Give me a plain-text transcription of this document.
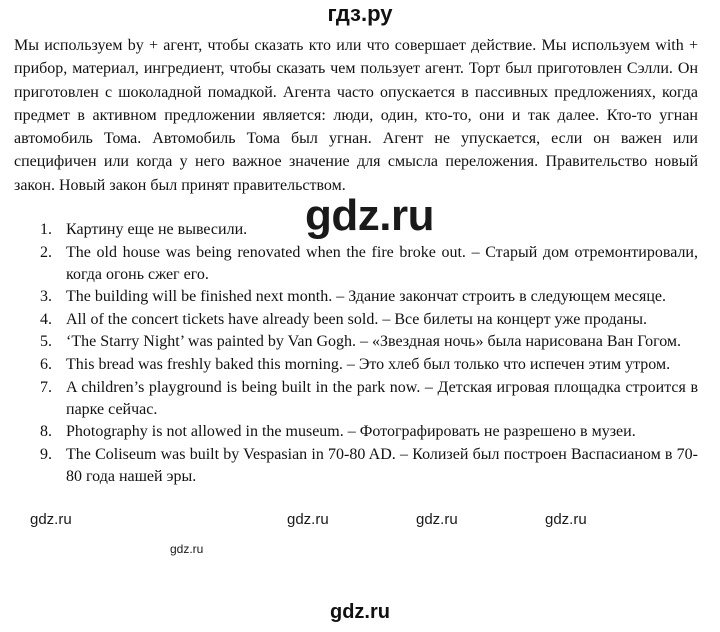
гдз.ру

Мы используем by + агент, чтобы сказать кто или что совершает действие. Мы используем with + прибор, материал, ингредиент, чтобы сказать чем пользует агент. Торт был приготовлен Сэлли. Он приготовлен с шоколадной помадкой. Агента часто опускается в пассивных предложениях, когда предмет в активном предложении является: люди, один, кто-то, они и так далее. Кто-то угнан автомобиль Тома. Автомобиль Тома был угнан. Агент не упускается, если он важен или специфичен или когда у него важное значение для смысла переложения. Правительство новый закон. Новый закон был принят правительством.

1. Картину еще не вывесили.
2. The old house was being renovated when the fire broke out. – Старый дом отремонтировали, когда огонь сжег его.
3. The building will be finished next month. – Здание закончат строить в следующем месяце.
4. All of the concert tickets have already been sold. – Все билеты на концерт уже проданы.
5. ‘The Starry Night’ was painted by Van Gogh. – «Звездная ночь» была нарисована Ван Гогом.
6. This bread was freshly baked this morning. – Это хлеб был только что испечен этим утром.
7. A children’s playground is being built in the park now. – Детская игровая площадка строится в парке сейчас.
8. Photography is not allowed in the museum. – Фотографировать не разрешено в музеи.
9. The Coliseum was built by Vespasian in 70-80 AD. – Колизей был построен Васпасианом в 70-80 года нашей эры.
gdz.ru
gdz.ru	gdz.ru	gdz.ru	gdz.ru
gdz.ru
gdz.ru
